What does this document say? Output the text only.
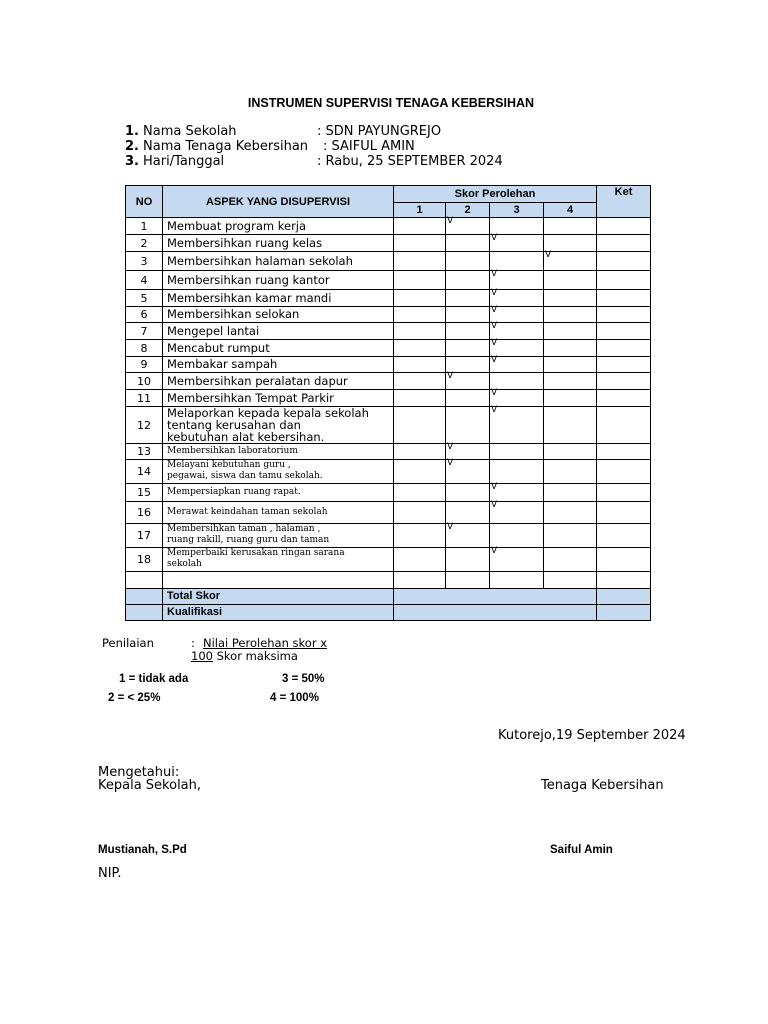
INSTRUMEN SUPERVISI TENAGA KEBERSIHAN
1. Nama Sekolah	: SDN PAYUNGREJO
2. Nama Tenaga Kebersihan : SAIFUL AMIN
3. Hari/Tanggal	: Rabu, 25 SEPTEMBER 2024
NO	ASPEK YANG DISUPERVISI	Skor Perolehan				Ket
		1	2	3	4	
1	Membuat program kerja		V			

2	Membersihkan ruang kelas			V		

3	Membersihkan halaman sekolah				V	

4	Membersihkan ruang kantor			V		

5	Membersihkan kamar mandi			V		

6	Membersihkan selokan			V		

7	Mengepel lantai			V		

8	Mencabut rumput			V		

9	Membakar sampah			V		

10	Membersihkan peralatan dapur		V			

11	Membersihkan Tempat Parkir			V		

12	Melaporkan kepada kepala sekolah
tentang kerusahan dan
kebutuhan alat kebersihan.			V		

13	Membersihkan laboratorium		V			

14	Melayani kebutuhan guru ,
pegawai, siswa dan tamu sekolah.		V			

15	Mempersiapkan ruang rapat.			V		

16	Merawat keindahan taman sekolah			V		

17	Membersihkan taman , halaman ,
ruang rakill, ruang guru dan taman		V			

18	Memperbaiki kerusakan ringan sarana
sekolah			V		

	Total Skor					
	Kualifikasi					
Penilaian	: Nilai Perolehan skor x
100 Skor maksima
1 = tidak ada	3 = 50%
2 = < 25%	4 = 100%
Kutorejo,19 September 2024
Mengetahui:
Kepala Sekolah,	Tenaga Kebersihan
Mustianah, S.Pd	Saiful Amin
NIP.
